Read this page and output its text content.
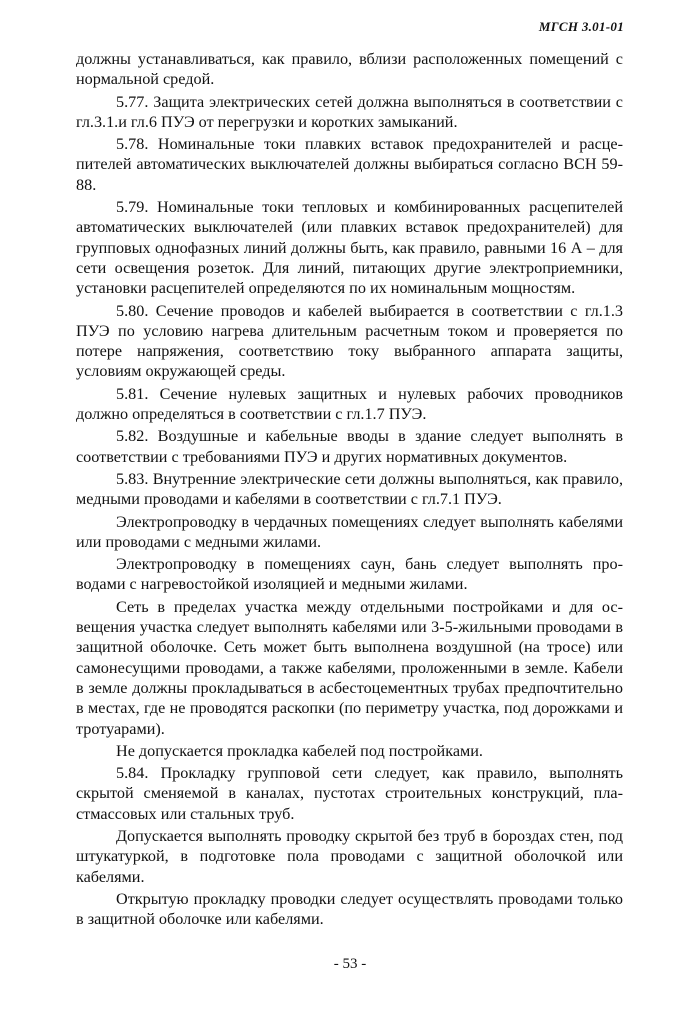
МГСН 3.01-01

должны устанавливаться, как правило, вблизи расположенных помещений с нормальной средой.

5.77. Защита электрических сетей должна выполняться в соответствии с гл.3.1.и гл.6 ПУЭ от перегрузки и коротких замыканий.

5.78. Номинальные токи плавких вставок предохранителей и расцепителей автоматических выключателей должны выбираться согласно ВСН 59-88.

5.79. Номинальные токи тепловых и комбинированных расцепителей автоматических выключателей (или плавких вставок предохранителей) для групповых однофазных линий должны быть, как правило, равными 16 А – для сети освещения розеток. Для линий, питающих другие электроприемники, установки расцепителей определяются по их номинальным мощностям.

5.80. Сечение проводов и кабелей выбирается в соответствии с гл.1.3 ПУЭ по условию нагрева длительным расчетным током и проверяется по потере напряжения, соответствию току выбранного аппарата защиты, условиям окружающей среды.

5.81. Сечение нулевых защитных и нулевых рабочих проводников должно определяться в соответствии с гл.1.7 ПУЭ.

5.82. Воздушные и кабельные вводы в здание следует выполнять в соответствии с требованиями ПУЭ и других нормативных документов.

5.83. Внутренние электрические сети должны выполняться, как правило, медными проводами и кабелями в соответствии с гл.7.1 ПУЭ.

Электропроводку в чердачных помещениях следует выполнять кабелями или проводами с медными жилами.

Электропроводку в помещениях саун, бань следует выполнять проводами с нагревостойкой изоляцией и медными жилами.

Сеть в пределах участка между отдельными постройками и для освещения участка следует выполнять кабелями или 3-5-жильными проводами в защитной оболочке. Сеть может быть выполнена воздушной (на тросе) или самонесущими проводами, а также кабелями, проложенными в земле. Кабели в земле должны прокладываться в асбестоцементных трубах предпочтительно в местах, где не проводятся раскопки (по периметру участка, под дорожками и тротуарами).

Не допускается прокладка кабелей под постройками.

5.84. Прокладку групповой сети следует, как правило, выполнять скрытой сменяемой в каналах, пустотах строительных конструкций, пластмассовых или стальных труб.

Допускается выполнять проводку скрытой без труб в бороздах стен, под штукатуркой, в подготовке пола проводами с защитной оболочкой или кабелями.

Открытую прокладку проводки следует осуществлять проводами только в защитной оболочке или кабелями.

- 53 -
